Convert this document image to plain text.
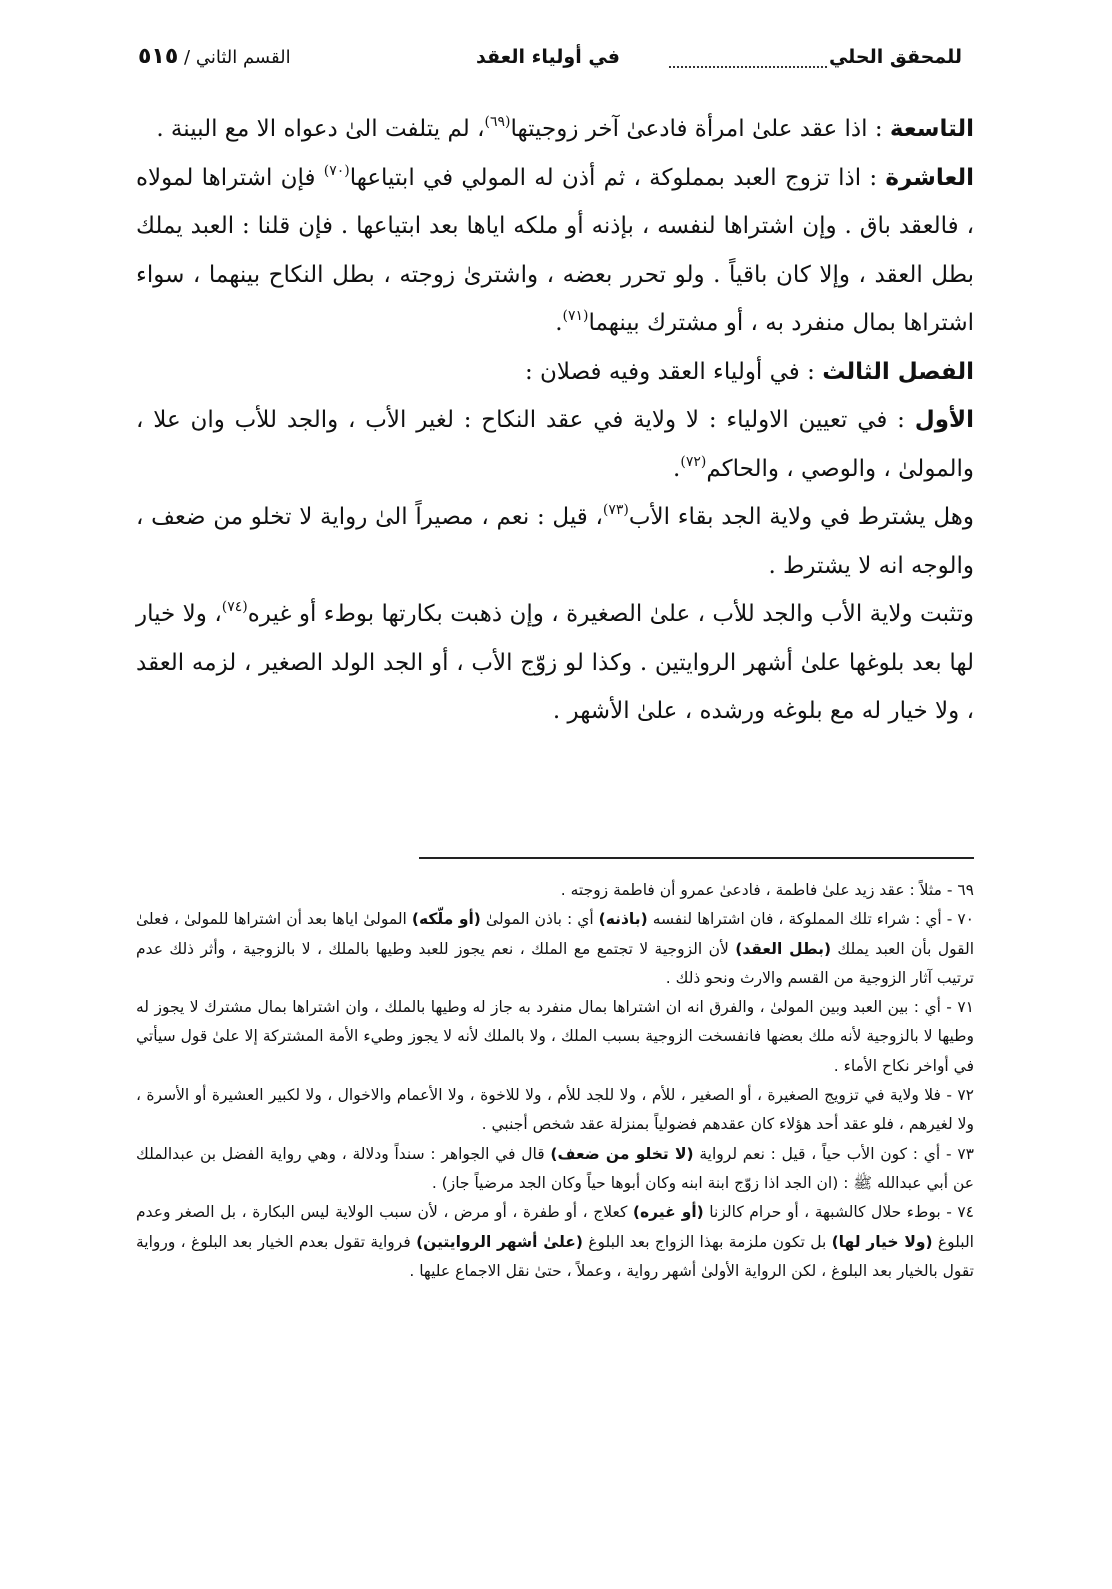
للمحقق الحلي
في أولياء العقد
القسم الثاني / ٥١٥

التاسعة : اذا عقد علىٰ امرأة فادعىٰ آخر زوجيتها$^{(٦٩)}$، لم يتلفت الىٰ دعواه الا مع البينة .

العاشرة : اذا تزوج العبد بمملوكة ، ثم أذن له المولي في ابتياعها$^{(٧٠)}$ فإن اشتراها لمولاه ، فالعقد باق . وإن اشتراها لنفسه ، بإذنه أو ملكه اياها بعد ابتياعها . فإن قلنا : العبد يملك بطل العقد ، وإلا كان باقياً . ولو تحرر بعضه ، واشترىٰ زوجته ، بطل النكاح بينهما ، سواء اشتراها بمال منفرد به ، أو مشترك بينهما$^{(٧١)}$.

الفصل الثالث : في أولياء العقد وفيه فصلان :

الأول : في تعيين الاولياء : لا ولاية في عقد النكاح : لغير الأب ، والجد للأب وان علا ، والمولىٰ ، والوصي ، والحاكم$^{(٧٢)}$.

وهل يشترط في ولاية الجد بقاء الأب$^{(٧٣)}$، قيل : نعم ، مصيراً الىٰ رواية لا تخلو من ضعف ، والوجه انه لا يشترط .

وتثبت ولاية الأب والجد للأب ، علىٰ الصغيرة ، وإن ذهبت بكارتها بوطء أو غيره$^{(٧٤)}$، ولا خيار لها بعد بلوغها علىٰ أشهر الروايتين . وكذا لو زوّج الأب ، أو الجد الولد الصغير ، لزمه العقد ، ولا خيار له مع بلوغه ورشده ، علىٰ الأشهر .

٦٩ - مثلاً : عقد زيد علىٰ فاطمة ، فادعىٰ عمرو أن فاطمة زوجته .

٧٠ - أي : شراء تلك المملوكة ، فان اشتراها لنفسه (باذنه) أي : باذن المولىٰ (أو ملّكه) المولىٰ اياها بعد أن اشتراها للمولىٰ ، فعلىٰ القول بأن العبد يملك (بطل العقد) لأن الزوجية لا تجتمع مع الملك ، نعم يجوز للعبد وطيها بالملك ، لا بالزوجية ، وأثر ذلك عدم ترتيب آثار الزوجية من القسم والارث ونحو ذلك .

٧١ - أي : بين العبد وبين المولىٰ ، والفرق انه ان اشتراها بمال منفرد به جاز له وطيها بالملك ، وان اشتراها بمال مشترك لا يجوز له وطيها لا بالزوجية لأنه ملك بعضها فانفسخت الزوجية بسبب الملك ، ولا بالملك لأنه لا يجوز وطيء الأمة المشتركة إلا علىٰ قول سيأتي في أواخر نكاح الأماء .

٧٢ - فلا ولاية في تزويج الصغيرة ، أو الصغير ، للأم ، ولا للجد للأم ، ولا للاخوة ، ولا الأعمام والاخوال ، ولا لكبير العشيرة أو الأسرة ، ولا لغيرهم ، فلو عقد أحد هؤلاء كان عقدهم فضولياً بمنزلة عقد شخص أجنبي .

٧٣ - أي : كون الأب حياً ، قيل : نعم لرواية (لا تخلو من ضعف) قال في الجواهر : سنداً ودلالة ، وهي رواية الفضل بن عبدالملك عن أبي عبدالله ﷺ : (ان الجد اذا زوّج ابنة ابنه وكان أبوها حياً وكان الجد مرضياً جاز) .

٧٤ - بوطء حلال كالشبهة ، أو حرام كالزنا (أو غيره) كعلاج ، أو طفرة ، أو مرض ، لأن سبب الولاية ليس البكارة ، بل الصغر وعدم البلوغ (ولا خيار لها) بل تكون ملزمة بهذا الزواج بعد البلوغ (علىٰ أشهر الروايتين) فرواية تقول بعدم الخيار بعد البلوغ ، ورواية تقول بالخيار بعد البلوغ ، لكن الرواية الأولىٰ أشهر رواية ، وعملاً ، حتىٰ نقل الاجماع عليها .
